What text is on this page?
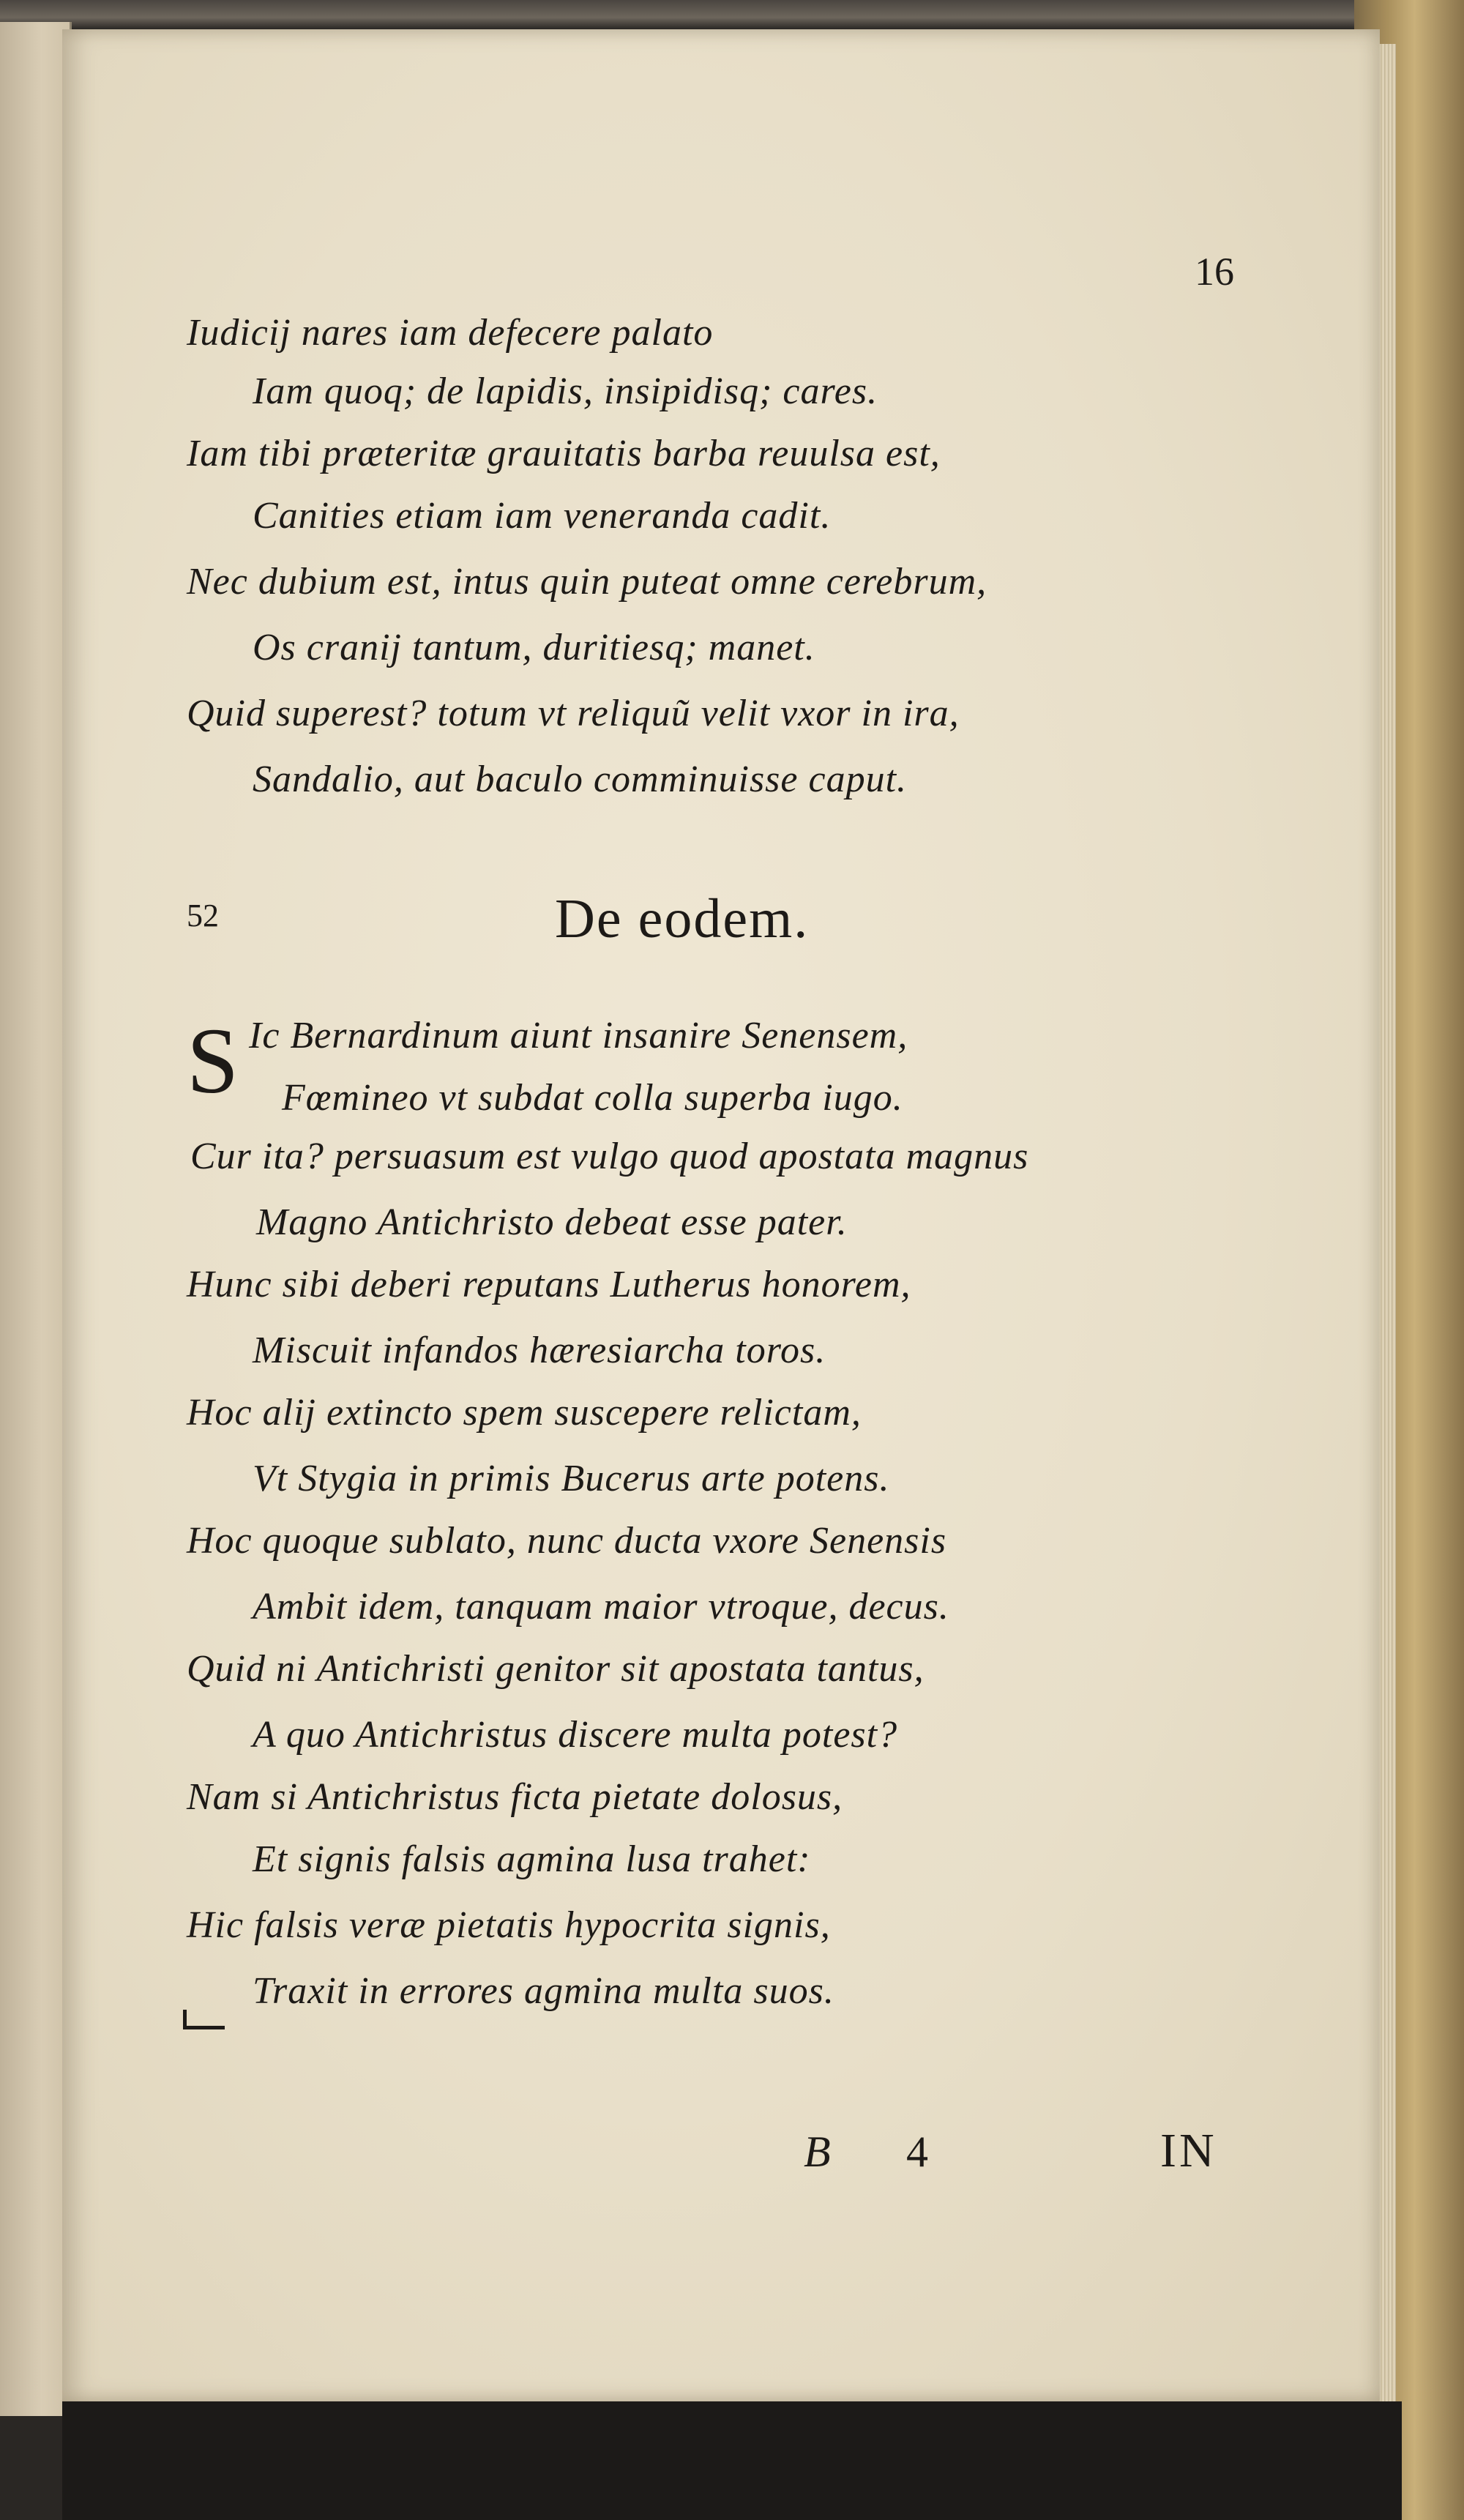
16
Iudicij nares iam defecere palato
Iam quoq; de lapidis, insipidisq; cares.
Iam tibi præteritæ grauitatis barba reuulsa est,
Canities etiam iam veneranda cadit.
Nec dubium est, intus quin puteat omne cerebrum,
Os cranij tantum, duritiesq; manet.
Quid superest? totum vt reliquũ velit vxor in ira,
Sandalio, aut baculo comminuisse caput.
52	De eodem.
S Ic Bernardinum aiunt insanire Senensem,
Fœmineo vt subdat colla superba iugo.
Cur ita? persuasum est vulgo quod apostata magnus
Magno Antichristo debeat esse pater.
Hunc sibi deberi reputans Lutherus honorem,
Miscuit infandos hæresiarcha toros.
Hoc alij extincto spem suscepere relictam,
Vt Stygia in primis Bucerus arte potens.
Hoc quoque sublato, nunc ducta vxore Senensis
Ambit idem, tanquam maior vtroque, decus.
Quid ni Antichristi genitor sit apostata tantus,
A quo Antichristus discere multa potest?
Nam si Antichristus ficta pietate dolosus,
Et signis falsis agmina lusa trahet:
Hic falsis veræ pietatis hypocrita signis,
Traxit in errores agmina multa suos.
B 4	IN
